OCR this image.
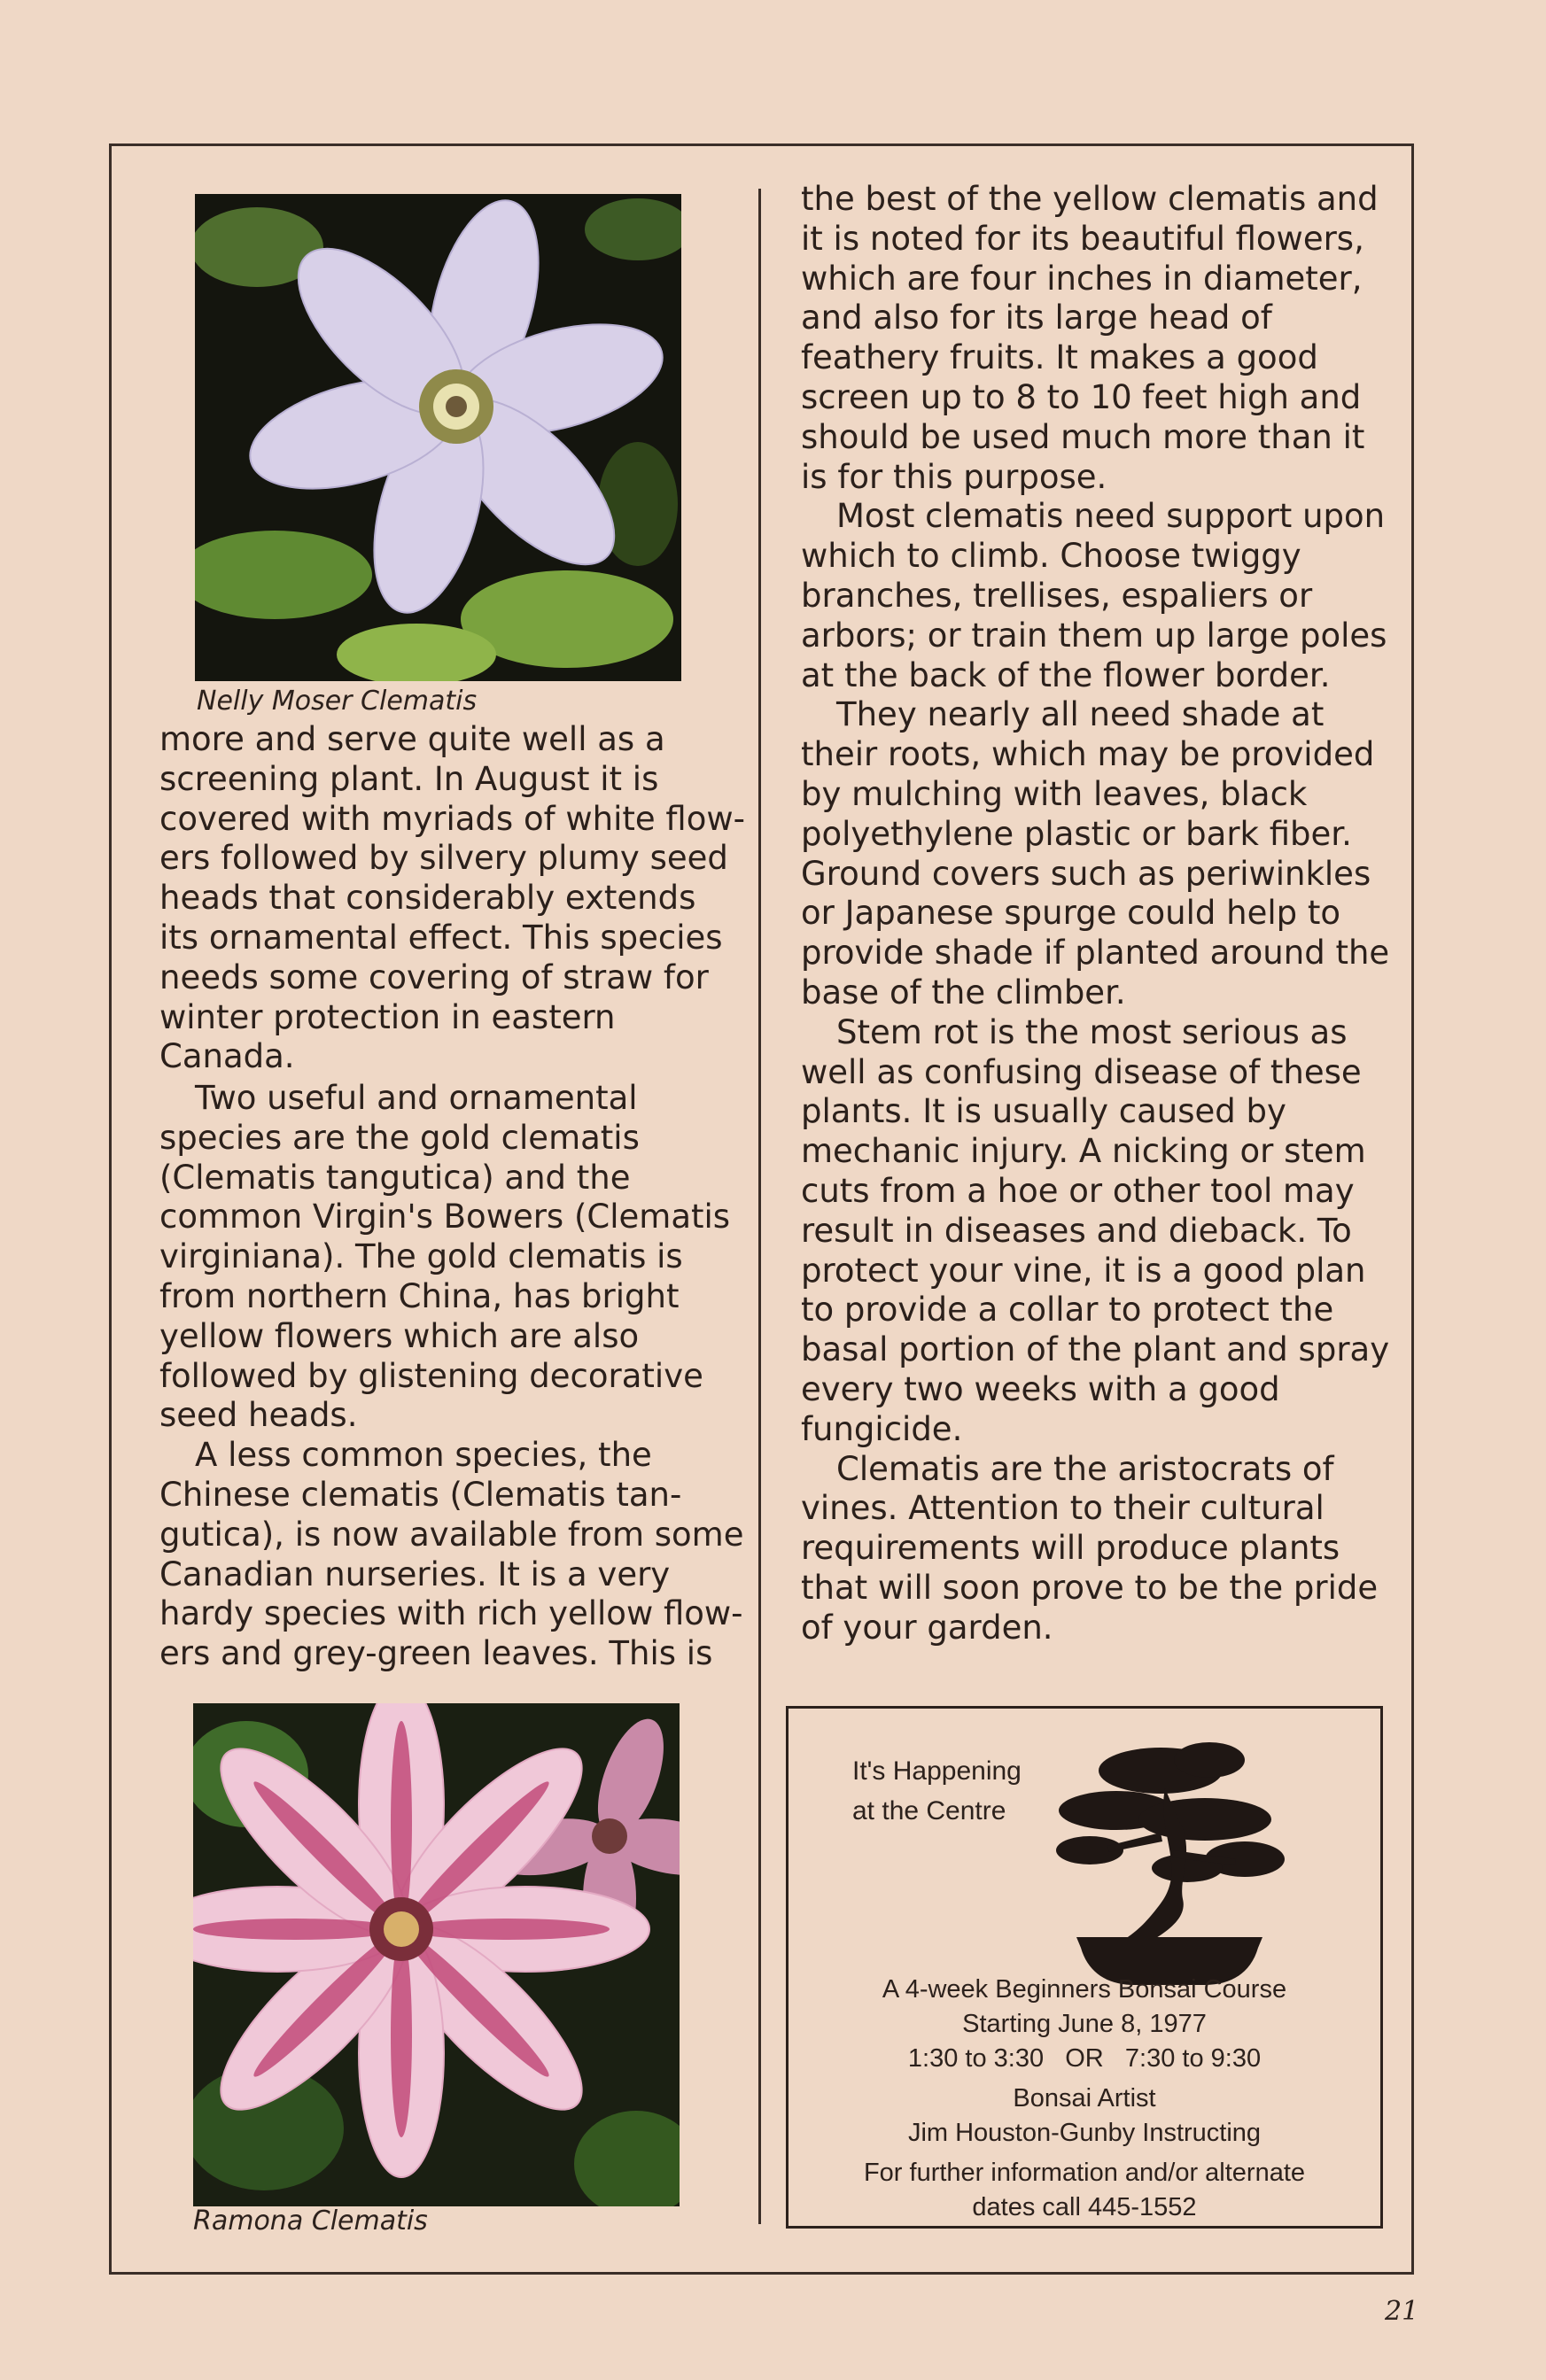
Nelly Moser Clematis
more and serve quite well as a
screening plant. In August it is
covered with myriads of white flow-
ers followed by silvery plumy seed
heads that considerably extends
its ornamental effect. This species
needs some covering of straw for
winter protection in eastern
Canada.
Two useful and ornamental
species are the gold clematis
(Clematis tangutica) and the
common Virgin's Bowers (Clematis
virginiana). The gold clematis is
from northern China, has bright
yellow flowers which are also
followed by glistening decorative
seed heads.
A less common species, the
Chinese clematis (Clematis tan-
gutica), is now available from some
Canadian nurseries. It is a very
hardy species with rich yellow flow-
ers and grey-green leaves. This is
Ramona Clematis
the best of the yellow clematis and
it is noted for its beautiful flowers,
which are four inches in diameter,
and also for its large head of
feathery fruits. It makes a good
screen up to 8 to 10 feet high and
should be used much more than it
is for this purpose.
Most clematis need support upon
which to climb. Choose twiggy
branches, trellises, espaliers or
arbors; or train them up large poles
at the back of the flower border.
They nearly all need shade at
their roots, which may be provided
by mulching with leaves, black
polyethylene plastic or bark fiber.
Ground covers such as periwinkles
or Japanese spurge could help to
provide shade if planted around the
base of the climber.
Stem rot is the most serious as
well as confusing disease of these
plants. It is usually caused by
mechanic injury. A nicking or stem
cuts from a hoe or other tool may
result in diseases and dieback. To
protect your vine, it is a good plan
to provide a collar to protect the
basal portion of the plant and spray
every two weeks with a good
fungicide.
Clematis are the aristocrats of
vines. Attention to their cultural
requirements will produce plants
that will soon prove to be the pride
of your garden.
It's Happening
at the Centre
A 4-week Beginners Bonsai Course
Starting June 8, 1977
1:30 to 3:30   OR   7:30 to 9:30
Bonsai Artist
Jim Houston-Gunby Instructing
For further information and/or alternate
dates call 445-1552
21
